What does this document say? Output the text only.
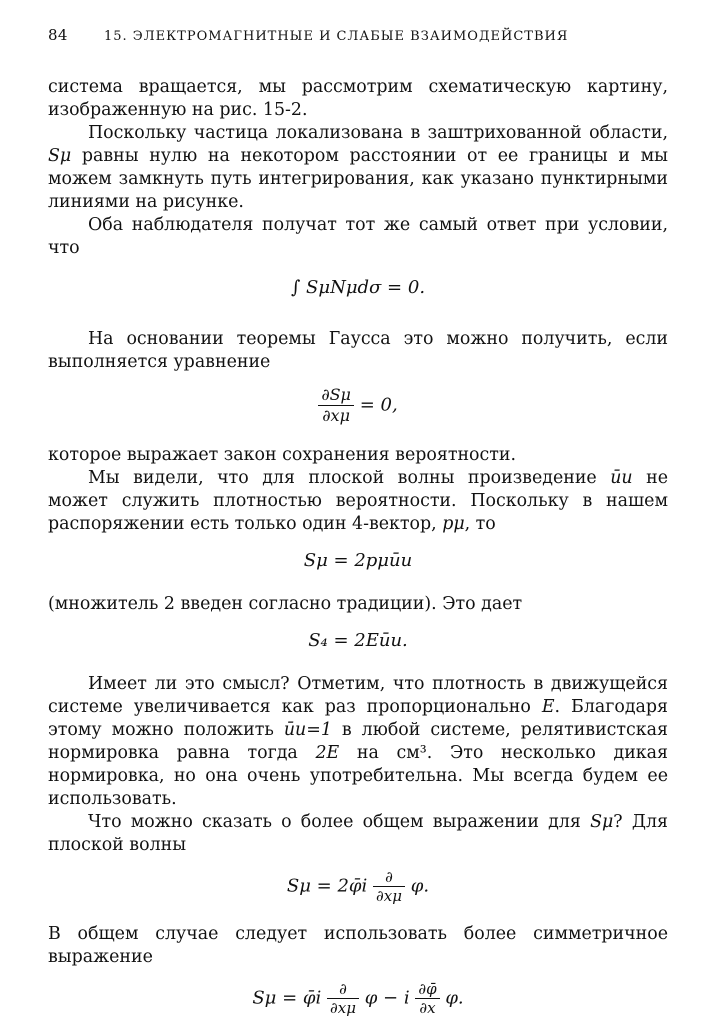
84	15. ЭЛЕКТРОМАГНИТНЫЕ И СЛАБЫЕ ВЗАИМОДЕЙСТВИЯ

система вращается, мы рассмотрим схематическую картину, изображенную на рис. 15-2.

Поскольку частица локализована в заштрихованной области, Sμ равны нулю на некотором расстоянии от ее границы и мы можем замкнуть путь интегрирования, как указано пунктирными линиями на рисунке.

Оба наблюдателя получат тот же самый ответ при условии, что

∫ SμNμdσ = 0.

На основании теоремы Гаусса это можно получить, если выполняется уравнение

$\frac{\partial S\mu}{\partial x\mu} = 0$,

которое выражает закон сохранения вероятности.

Мы видели, что для плоской волны произведение ūu не может служить плотностью вероятности. Поскольку в нашем распоряжении есть только один 4-вектор, pμ, то

Sμ = 2pμūu

(множитель 2 введен согласно традиции). Это дает

S₄ = 2Eūu.

Имеет ли это смысл? Отметим, что плотность в движущейся системе увеличивается как раз пропорционально E. Благодаря этому можно положить ūu=1 в любой системе, релятивистская нормировка равна тогда 2E на см³. Это несколько дикая нормировка, но она очень употребительна. Мы всегда будем ее использовать.

Что можно сказать о более общем выражении для Sμ? Для плоской волны

Sμ = 2φ̄i $\frac{\partial}{\partial x\mu} \varphi$.

В общем случае следует использовать более симметричное выражение

Sμ = φ̄i $\frac{\partial}{\partial x\mu}$ φ − i $\frac{\partial\varphī}{\partial x} \varphi$.
